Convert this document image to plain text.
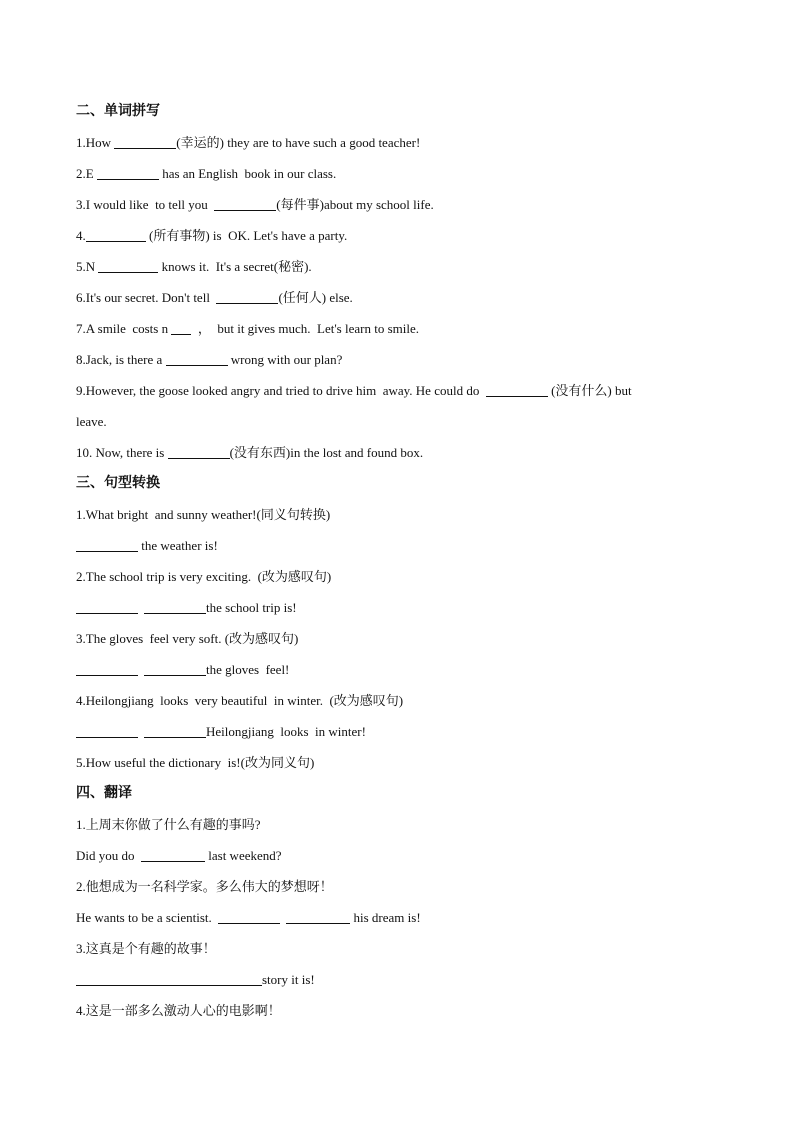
二、单词拼写
1.How	(幸运的) they are to have such a good teacher!
2.E	has an English  book in our class.
3.I would like  to tell you	(每件事)about my school life.
4.	(所有事物) is  OK. Let's have a party.
5.N	knows it.  It's a secret(秘密).
6.It's our secret. Don't tell	(任何人) else.
7.A smile  costs n   ，  but it gives much.  Let's learn to smile.
8.Jack, is there a	wrong with our plan?
9.However, the goose looked angry and tried to drive him  away. He could do	(没有什么) but
leave.
10. Now, there is	(没有东西)in the lost and found box.
三、句型转换
1.What bright  and sunny weather!(同义句转换)
the weather is!
2.The school trip is very exciting.  (改为感叹句)
the school trip is!
3.The gloves  feel very soft. (改为感叹句)
the gloves  feel!
4.Heilongjiang  looks  very beautiful  in winter.  (改为感叹句)
Heilongjiang  looks  in winter!
5.How useful the dictionary  is!(改为同义句)
四、翻译
1.上周末你做了什么有趣的事吗?
Did you do	last weekend?
2.他想成为一名科学家。多么伟大的梦想呀！
He wants to be a scientist.	his dream is!
3.这真是个有趣的故事！
story it is!
4.这是一部多么激动人心的电影啊！
